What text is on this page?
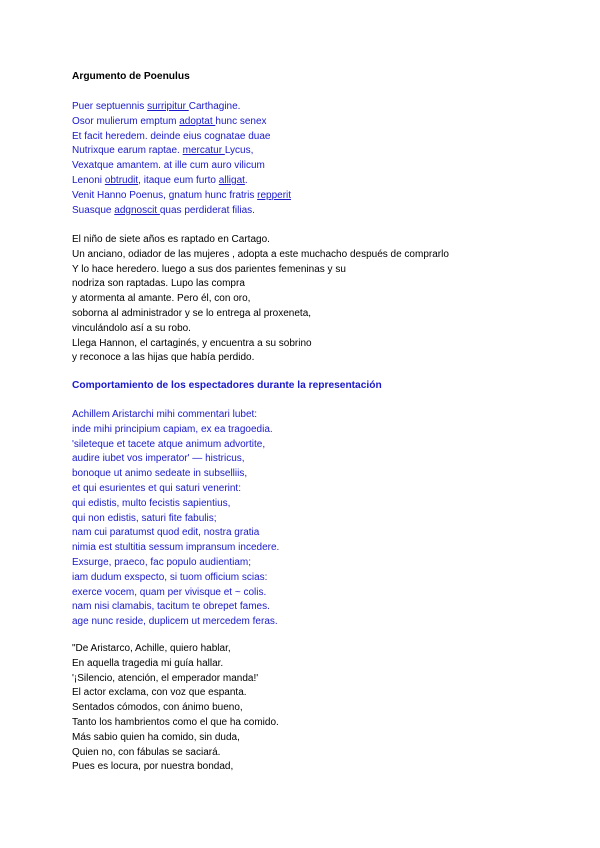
Argumento de Poenulus
Puer septuennis surripitur Carthagine.
Osor mulierum emptum adoptat hunc senex
Et facit heredem. deinde eius cognatae duae
Nutrixque earum raptae. mercatur Lycus,
Vexatque amantem. at ille cum auro vilicum
Lenoni obtrudit, itaque eum furto alligat.
Venit Hanno Poenus, gnatum hunc fratris repperit
Suasque adgnoscit quas perdiderat filias.
El niño de siete años es raptado en Cartago.
Un anciano, odiador de las mujeres , adopta a este muchacho después de comprarlo
Y lo hace heredero. luego a sus dos parientes femeninas y su
nodriza son raptadas. Lupo las compra
y atormenta al amante. Pero él, con oro,
soborna al administrador y se lo entrega al proxeneta,
vinculándolo así a su robo.
Llega Hannon, el cartaginés, y encuentra a su sobrino
y reconoce a las hijas que había perdido.
Comportamiento de los espectadores durante la representación
Achillem Aristarchi mihi commentari lubet:
inde mihi principium capiam, ex ea tragoedia.
'sileteque et tacete atque animum advortite,
audire iubet vos imperator' — histricus,
bonoque ut animo sedeate in subselliis,
et qui esurientes et qui saturi venerint:
qui edistis, multo fecistis sapientius,
qui non edistis, saturi fite fabulis;
nam cui paratumst quod edit, nostra gratia
nimia est stultitia sessum impransum incedere.
Exsurge, praeco, fac populo audientiam;
iam dudum exspecto, si tuom officium scias:
exerce vocem, quam per vivisque et ~ colis.
nam nisi clamabis, tacitum te obrepet fames.
age nunc reside, duplicem ut mercedem feras.
"De Aristarco, Achille, quiero hablar,
En aquella tragedia mi guía hallar.
'¡Silencio, atención, el emperador manda!'
El actor exclama, con voz que espanta.
Sentados cómodos, con ánimo bueno,
Tanto los hambrientos como el que ha comido.
Más sabio quien ha comido, sin duda,
Quien no, con fábulas se saciará.
Pues es locura, por nuestra bondad,
